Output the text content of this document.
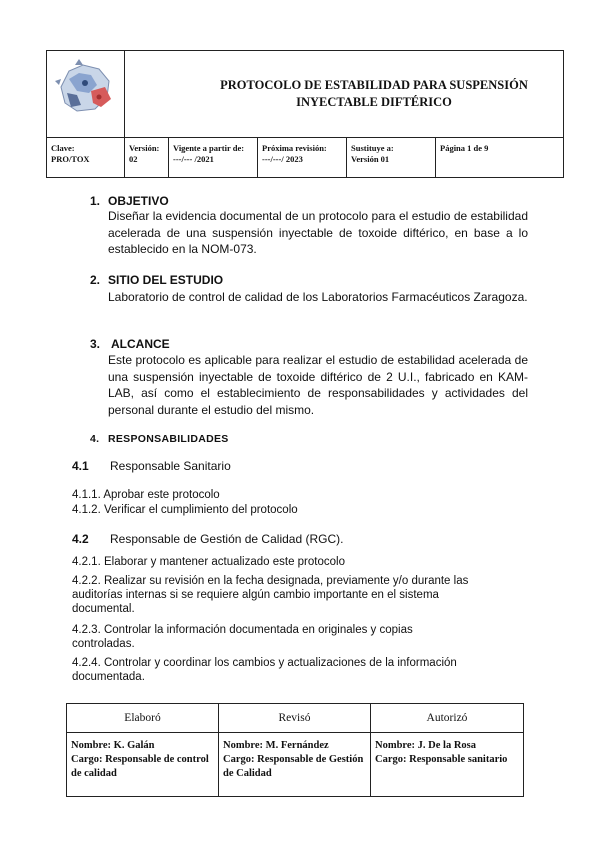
PROTOCOLO DE ESTABILIDAD PARA SUSPENSIÓN INYECTABLE DIFTÉRICO
Clave:
PRO/TOX
Versión:
02
Vigente a partir de:
---/--- /2021
Próxima revisión:
---/---/ 2023
Sustituye a:
Versión 01
Página 1 de 9
1. OBJETIVO
Diseñar la evidencia documental de un protocolo para el estudio de estabilidad acelerada de una suspensión inyectable de toxoide diftérico, en base a lo establecido en la NOM-073.
2. SITIO DEL ESTUDIO
Laboratorio de control de calidad de los Laboratorios Farmacéuticos Zaragoza.
3. ALCANCE
Este protocolo es aplicable para realizar el estudio de estabilidad acelerada de una suspensión inyectable de toxoide diftérico de 2 U.I., fabricado en KAM-LAB, así como el establecimiento de responsabilidades y actividades del personal durante el estudio del mismo.
4. RESPONSABILIDADES
4.1 Responsable Sanitario
4.1.1. Aprobar este protocolo
4.1.2. Verificar el cumplimiento del protocolo
4.2 Responsable de Gestión de Calidad (RGC).
4.2.1. Elaborar y mantener actualizado este protocolo
4.2.2. Realizar su revisión en la fecha designada, previamente y/o durante las auditorías internas si se requiere algún cambio importante en el sistema documental.
4.2.3. Controlar la información documentada en originales y copias controladas.
4.2.4. Controlar y coordinar los cambios y actualizaciones de la información documentada.
Elaboró
Nombre: K. Galán
Cargo: Responsable de control de calidad
Revisó
Nombre: M. Fernández
Cargo: Responsable de Gestión de Calidad
Autorizó
Nombre: J. De la Rosa
Cargo: Responsable sanitario
